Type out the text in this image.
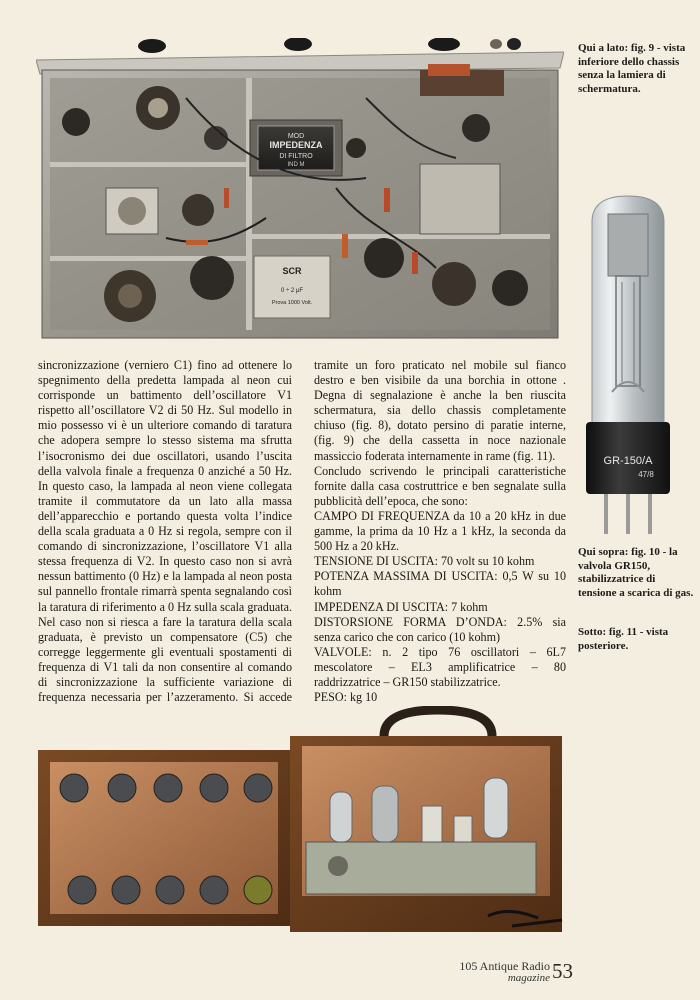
MOD
IMPEDENZA
DI FILTRO
IND M
SCR
0 ÷ 2 μF
Prova 1000 Volt.
Qui a lato: fig. 9 - vista inferiore dello chassis senza la lamiera di schermatura.
GR-150/A
47/8
Qui sopra: fig. 10 - la valvola GR150, stabilizzatrice di tensione a scarica di gas.
Sotto: fig. 11 - vista posteriore.

sincronizzazione (verniero C1) fino ad ottenere lo spegnimento della predetta lampada al neon cui corrisponde un battimento dell’oscillatore V1 rispetto all’oscillatore V2 di 50 Hz. Sul modello in mio possesso vi è un ulteriore comando di taratura che adopera sempre lo stesso sistema ma sfrutta l’isocronismo dei due oscillatori, usando l’uscita della valvola finale a frequenza 0 anziché a 50 Hz. In questo caso, la lampada al neon viene collegata tramite il commutatore da un lato alla massa dell’apparecchio e portando questa volta l’indice della scala graduata a 0 Hz si regola, sempre con il comando di sincronizzazione, l’oscillatore V1 alla stessa frequenza di V2. In questo caso non si avrà nessun battimento (0 Hz) e la lampada al neon posta sul pannello frontale rimarrà spenta segnalando così la taratura di riferimento a 0 Hz sulla scala graduata. Nel caso non si riesca a fare la taratura della scala graduata, è previsto un compensatore (C5) che corregge leggermente gli eventuali spostamenti di frequenza di V1 tali da non consentire al comando di sincronizzazione la sufficiente variazione di frequenza necessaria per l’azzeramento. Si accede

tramite un foro praticato nel mobile sul fianco destro e ben visibile da una borchia in ottone . Degna di segnalazione è anche la ben riuscita schermatura, sia dello chassis completamente chiuso (fig. 8), dotato persino di paratie interne, (fig. 9) che della cassetta in noce nazionale massiccio foderata internamente in rame (fig. 11).

Concludo scrivendo le principali caratteristiche fornite dalla casa costruttrice e ben segnalate sulla pubblicità dell’epoca, che sono:

CAMPO DI FREQUENZA da 10 a 20 kHz in due gamme, la prima da 10 Hz a 1 kHz, la seconda da 500 Hz a 20 kHz.

TENSIONE DI USCITA: 70 volt su 10 kohm

POTENZA MASSIMA DI USCITA: 0,5 W su 10 kohm

IMPEDENZA DI USCITA: 7 kohm

DISTORSIONE FORMA D’ONDA: 2.5% sia senza carico che con carico (10 kohm)

VALVOLE: n. 2 tipo 76 oscillatori – 6L7 mescolatore – EL3 amplificatrice – 80 raddrizzatrice – GR150 stabilizzatrice.

PESO: kg 10

105 Antique Radio
magazine 53
